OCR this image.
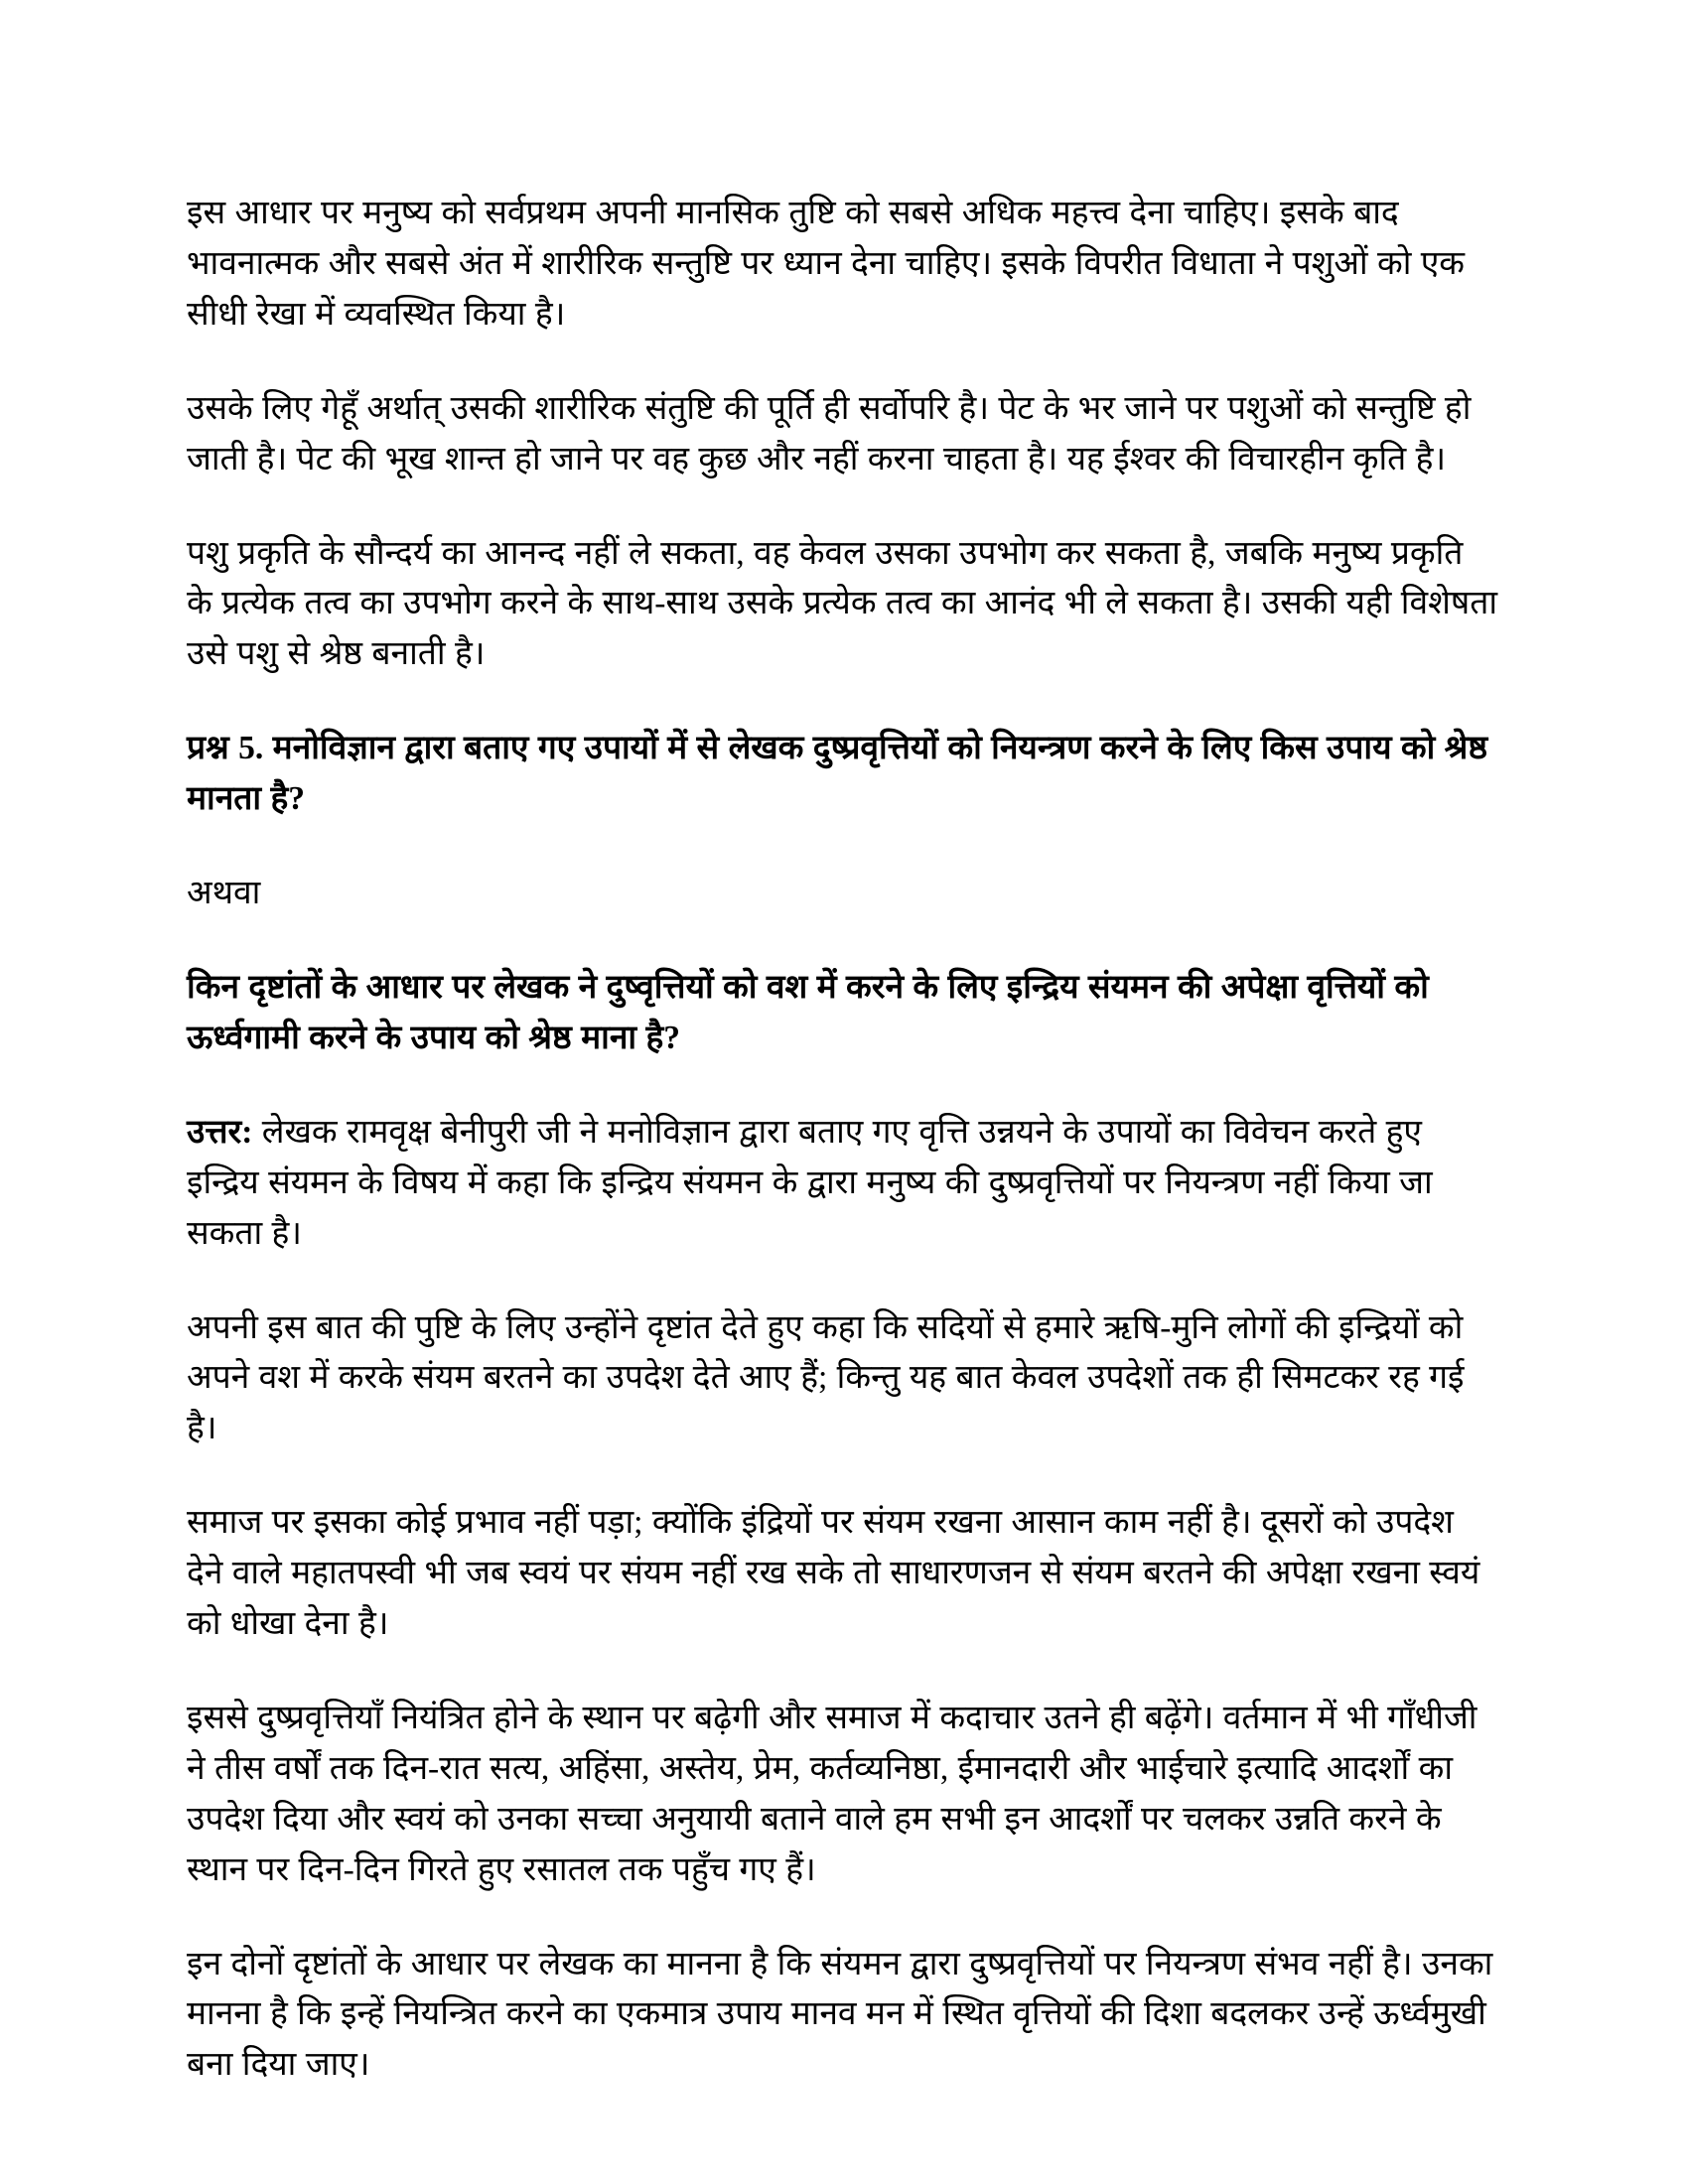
इस आधार पर मनुष्य को सर्वप्रथम अपनी मानसिक तुष्टि को सबसे अधिक महत्त्व देना चाहिए। इसके बाद भावनात्मक और सबसे अंत में शारीरिक सन्तुष्टि पर ध्यान देना चाहिए। इसके विपरीत विधाता ने पशुओं को एक सीधी रेखा में व्यवस्थित किया है।

उसके लिए गेहूँ अर्थात् उसकी शारीरिक संतुष्टि की पूर्ति ही सर्वोपरि है। पेट के भर जाने पर पशुओं को सन्तुष्टि हो जाती है। पेट की भूख शान्त हो जाने पर वह कुछ और नहीं करना चाहता है। यह ईश्वर की विचारहीन कृति है।

पशु प्रकृति के सौन्दर्य का आनन्द नहीं ले सकता, वह केवल उसका उपभोग कर सकता है, जबकि मनुष्य प्रकृति के प्रत्येक तत्व का उपभोग करने के साथ-साथ उसके प्रत्येक तत्व का आनंद भी ले सकता है। उसकी यही विशेषता उसे पशु से श्रेष्ठ बनाती है।

प्रश्न 5. मनोविज्ञान द्वारा बताए गए उपायों में से लेखक दुष्प्रवृत्तियों को नियन्त्रण करने के लिए किस उपाय को श्रेष्ठ मानता है?

अथवा

किन दृष्टांतों के आधार पर लेखक ने दुष्वृत्तियों को वश में करने के लिए इन्द्रिय संयमन की अपेक्षा वृत्तियों को ऊर्ध्वगामी करने के उपाय को श्रेष्ठ माना है?

उत्तर: लेखक रामवृक्ष बेनीपुरी जी ने मनोविज्ञान द्वारा बताए गए वृत्ति उन्नयने के उपायों का विवेचन करते हुए इन्द्रिय संयमन के विषय में कहा कि इन्द्रिय संयमन के द्वारा मनुष्य की दुष्प्रवृत्तियों पर नियन्त्रण नहीं किया जा सकता है।

अपनी इस बात की पुष्टि के लिए उन्होंने दृष्टांत देते हुए कहा कि सदियों से हमारे ऋषि-मुनि लोगों की इन्द्रियों को अपने वश में करके संयम बरतने का उपदेश देते आए हैं; किन्तु यह बात केवल उपदेशों तक ही सिमटकर रह गई है।

समाज पर इसका कोई प्रभाव नहीं पड़ा; क्योंकि इंद्रियों पर संयम रखना आसान काम नहीं है। दूसरों को उपदेश देने वाले महातपस्वी भी जब स्वयं पर संयम नहीं रख सके तो साधारणजन से संयम बरतने की अपेक्षा रखना स्वयं को धोखा देना है।

इससे दुष्प्रवृत्तियाँ नियंत्रित होने के स्थान पर बढ़ेगी और समाज में कदाचार उतने ही बढ़ेंगे। वर्तमान में भी गाँधीजी ने तीस वर्षों तक दिन-रात सत्य, अहिंसा, अस्तेय, प्रेम, कर्तव्यनिष्ठा, ईमानदारी और भाईचारे इत्यादि आदर्शों का उपदेश दिया और स्वयं को उनका सच्चा अनुयायी बताने वाले हम सभी इन आदर्शों पर चलकर उन्नति करने के स्थान पर दिन-दिन गिरते हुए रसातल तक पहुँच गए हैं।

इन दोनों दृष्टांतों के आधार पर लेखक का मानना है कि संयमन द्वारा दुष्प्रवृत्तियों पर नियन्त्रण संभव नहीं है। उनका मानना है कि इन्हें नियन्त्रित करने का एकमात्र उपाय मानव मन में स्थित वृत्तियों की दिशा बदलकर उन्हें ऊर्ध्वमुखी बना दिया जाए।
